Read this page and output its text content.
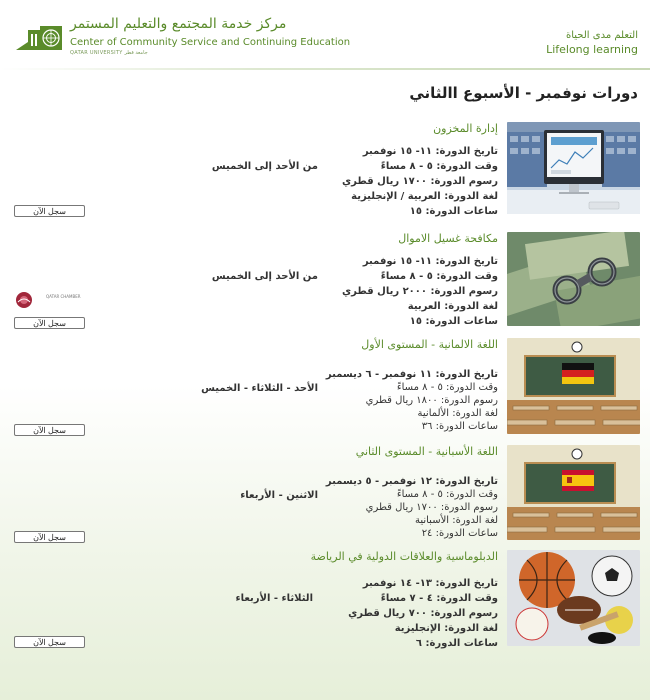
مركز خدمة المجتمع والتعليم المستمر
Center of Community Service and Continuing Education
QATAR UNIVERSITY جامعة قطر
التعلم مدى الحياة
Lifelong learning
دورات نوفمبر - الأسبوع االثاني
QATAR CHAMBER
إدارة المخزون
تاريخ الدورة: ١١- ١٥ نوفمبر
وقت الدورة: ٥ - ٨ مساءً
رسوم الدورة: ١٧٠٠ ريال قطري
لغة الدورة: العربية / الإنجليزية
ساعات الدورة: ١٥
من الأحد إلى الخميس
سجل الآن
مكافحة غسيل الاموال
تاريخ الدورة: ١١- ١٥ نوفمبر
وقت الدورة: ٥ - ٨ مساءً
رسوم الدورة: ٢٠٠٠ ريال قطري
لغة الدورة: العربية
ساعات الدورة: ١٥
من الأحد إلى الخميس
سجل الآن
اللغة الالمانية - المستوى الأول
تاريخ الدورة: ١١ نوفمبر - ٦ ديسمبر
وقت الدورة: ٥ - ٨ مساءً
رسوم الدورة: ١٨٠٠ ريال قطري
لغة الدورة: الألمانية
ساعات الدورة: ٣٦
الأحد - الثلاثاء - الخميس
سجل الآن
اللغة الأسبانية - المستوى الثاني
تاريخ الدورة: ١٢ نوفمبر - ٥ ديسمبر
وقت الدورة: ٥ - ٨ مساءً
رسوم الدورة: ١٧٠٠ ريال قطري
لغة الدورة: الأسبانية
ساعات الدورة: ٢٤
الاثنين - الأربعاء
سجل الآن
الدبلوماسية والعلاقات الدولية في الرياضة
تاريخ الدورة: ١٣- ١٤ نوفمبر
وقت الدورة: ٤ - ٧ مساءً
رسوم الدورة: ٧٠٠ ريال قطري
لغة الدورة: الإنجليزية
ساعات الدورة: ٦
الثلاثاء - الأربعاء
سجل الآن
